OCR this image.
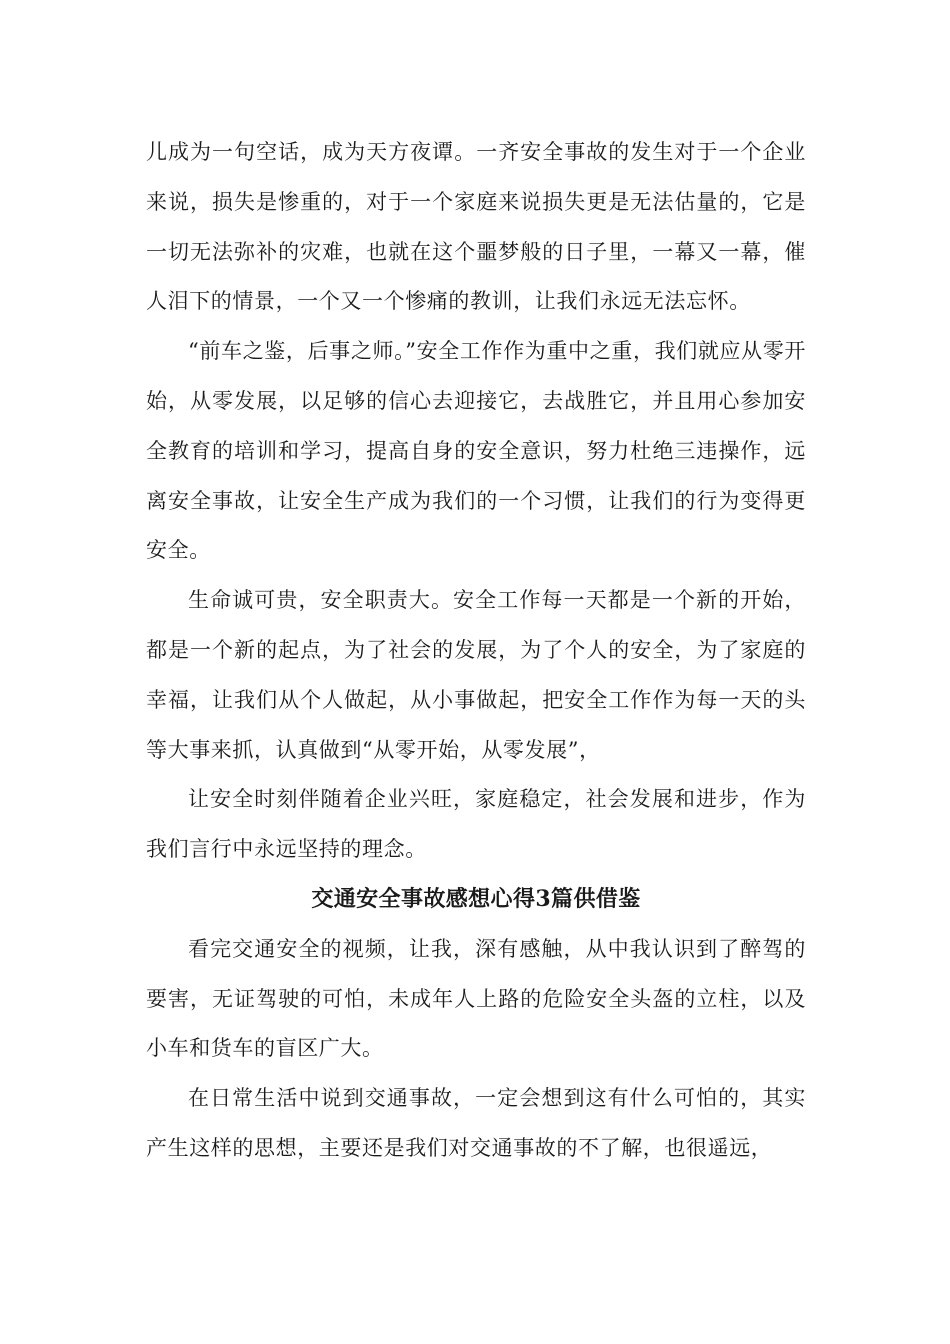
儿成为一句空话，成为天方夜谭。一齐安全事故的发生对于一个企业来说，损失是惨重的，对于一个家庭来说损失更是无法估量的，它是一切无法弥补的灾难，也就在这个噩梦般的日子里，一幕又一幕，催人泪下的情景，一个又一个惨痛的教训，让我们永远无法忘怀。

“前车之鉴，后事之师。”安全工作作为重中之重，我们就应从零开始，从零发展，以足够的信心去迎接它，去战胜它，并且用心参加安全教育的培训和学习，提高自身的安全意识，努力杜绝三违操作，远离安全事故，让安全生产成为我们的一个习惯，让我们的行为变得更安全。

生命诚可贵，安全职责大。安全工作每一天都是一个新的开始，都是一个新的起点，为了社会的发展，为了个人的安全，为了家庭的幸福，让我们从个人做起，从小事做起，把安全工作作为每一天的头等大事来抓，认真做到“从零开始，从零发展”，

让安全时刻伴随着企业兴旺，家庭稳定，社会发展和进步，作为我们言行中永远坚持的理念。

交通安全事故感想心得3篇供借鉴

看完交通安全的视频，让我，深有感触，从中我认识到了醉驾的要害，无证驾驶的可怕，未成年人上路的危险安全头盔的立柱，以及小车和货车的盲区广大。

在日常生活中说到交通事故，一定会想到这有什么可怕的，其实产生这样的思想，主要还是我们对交通事故的不了解，也很遥远，
